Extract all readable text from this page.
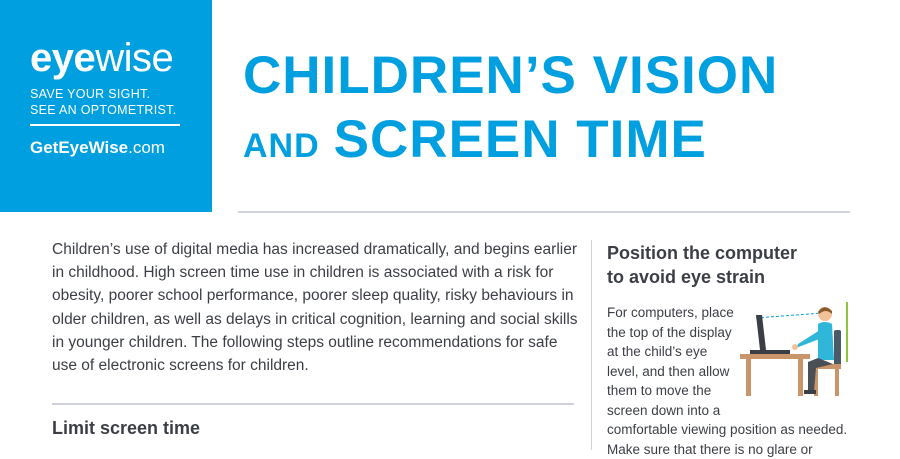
eyewise
SAVE YOUR SIGHT.
SEE AN OPTOMETRIST.
GetEyeWise.com
CHILDREN’S VISION
AND SCREEN TIME
Children’s use of digital media has increased dramatically, and begins earlier in childhood. High screen time use in children is associated with a risk for obesity, poorer school performance, poorer sleep quality, risky behaviours in older children, as well as delays in critical cognition, learning and social skills in younger children. The following steps outline recommendations for safe use of electronic screens for children.
Limit screen time
Position the computer
to avoid eye strain
For computers, place
the top of the display
at the child’s eye
level, and then allow
them to move the
screen down into a
comfortable viewing position as needed.
Make sure that there is no glare or
